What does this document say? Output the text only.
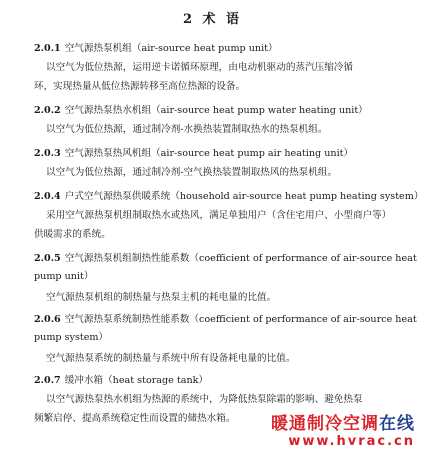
2 术 语
2.0.1 空气源热泵机组（air-source heat pump unit）
以空气为低位热源，运用逆卡诺循环原理，由电动机驱动的蒸汽压缩冷循
环，实现热量从低位热源转移至高位热源的设备。
2.0.2 空气源热泵热水机组（air-source heat pump water heating unit）
以空气为低位热源，通过制冷剂-水换热装置制取热水的热泵机组。
2.0.3 空气源热泵热风机组（air-source heat pump air heating unit）
以空气为低位热源，通过制冷剂-空气换热装置制取热风的热泵机组。
2.0.4 户式空气源热泵供暖系统（household air-source heat pump heating system）
采用空气源热泵机组制取热水或热风，满足单独用户（含住宅用户、小型商户等）
供暖需求的系统。
2.0.5 空气源热泵机组制热性能系数（coefficient of performance of air-source heat
pump unit）
空气源热泵机组的制热量与热泵主机的耗电量的比值。
2.0.6 空气源热泵系统制热性能系数（coefficient of performance of air-source heat
pump system）
空气源热泵系统的制热量与系统中所有设备耗电量的比值。
2.0.7 缓冲水箱（heat storage tank）
以空气源热泵热水机组为热源的系统中，为降低热泵除霜的影响、避免热泵
频繁启停、提高系统稳定性而设置的储热水箱。 暖通制冷空调在线
www.hvrac.cn
